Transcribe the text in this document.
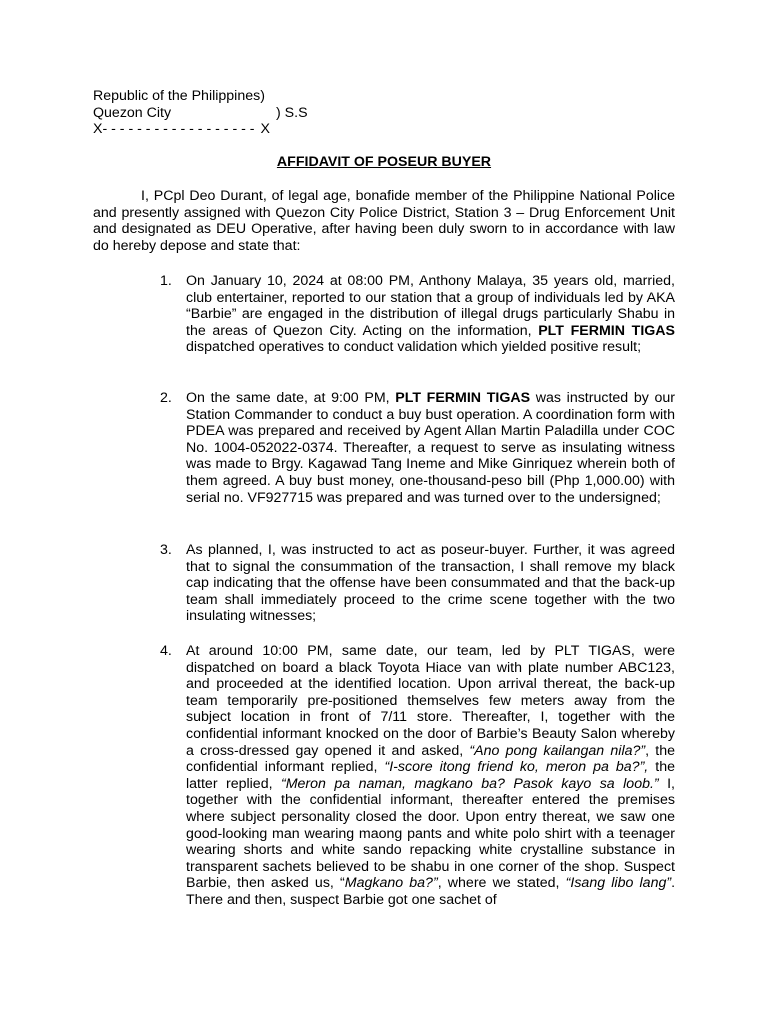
Republic of the Philippines)
Quezon City	) S.S
X- - - - - - - - - - - - - - - - - - X
AFFIDAVIT OF POSEUR BUYER

I, PCpl Deo Durant, of legal age, bonafide member of the Philippine National Police and presently assigned with Quezon City Police District, Station 3 – Drug Enforcement Unit and designated as DEU Operative, after having been duly sworn to in accordance with law do hereby depose and state that:

1. On January 10, 2024 at 08:00 PM, Anthony Malaya, 35 years old, married, club entertainer, reported to our station that a group of individuals led by AKA “Barbie” are engaged in the distribution of illegal drugs particularly Shabu in the areas of Quezon City. Acting on the information, PLT FERMIN TIGAS dispatched operatives to conduct validation which yielded positive result;
2. On the same date, at 9:00 PM, PLT FERMIN TIGAS was instructed by our Station Commander to conduct a buy bust operation. A coordination form with PDEA was prepared and received by Agent Allan Martin Paladilla under COC No. 1004-052022-0374. Thereafter, a request to serve as insulating witness was made to Brgy. Kagawad Tang Ineme and Mike Ginriquez wherein both of them agreed. A buy bust money, one-thousand-peso bill (Php 1,000.00) with serial no. VF927715 was prepared and was turned over to the undersigned;
3. As planned, I, was instructed to act as poseur-buyer. Further, it was agreed that to signal the consummation of the transaction, I shall remove my black cap indicating that the offense have been consummated and that the back-up team shall immediately proceed to the crime scene together with the two insulating witnesses;
4. At around 10:00 PM, same date, our team, led by PLT TIGAS, were dispatched on board a black Toyota Hiace van with plate number ABC123, and proceeded at the identified location. Upon arrival thereat, the back-up team temporarily pre-positioned themselves few meters away from the subject location in front of 7/11 store. Thereafter, I, together with the confidential informant knocked on the door of Barbie’s Beauty Salon whereby a cross-dressed gay opened it and asked, “Ano pong kailangan nila?”, the confidential informant replied, “I-score itong friend ko, meron pa ba?”, the latter replied, “Meron pa naman, magkano ba? Pasok kayo sa loob.” I, together with the confidential informant, thereafter entered the premises where subject personality closed the door. Upon entry thereat, we saw one good-looking man wearing maong pants and white polo shirt with a teenager wearing shorts and white sando repacking white crystalline substance in transparent sachets believed to be shabu in one corner of the shop. Suspect Barbie, then asked us, “Magkano ba?”, where we stated, “Isang libo lang”. There and then, suspect Barbie got one sachet of
